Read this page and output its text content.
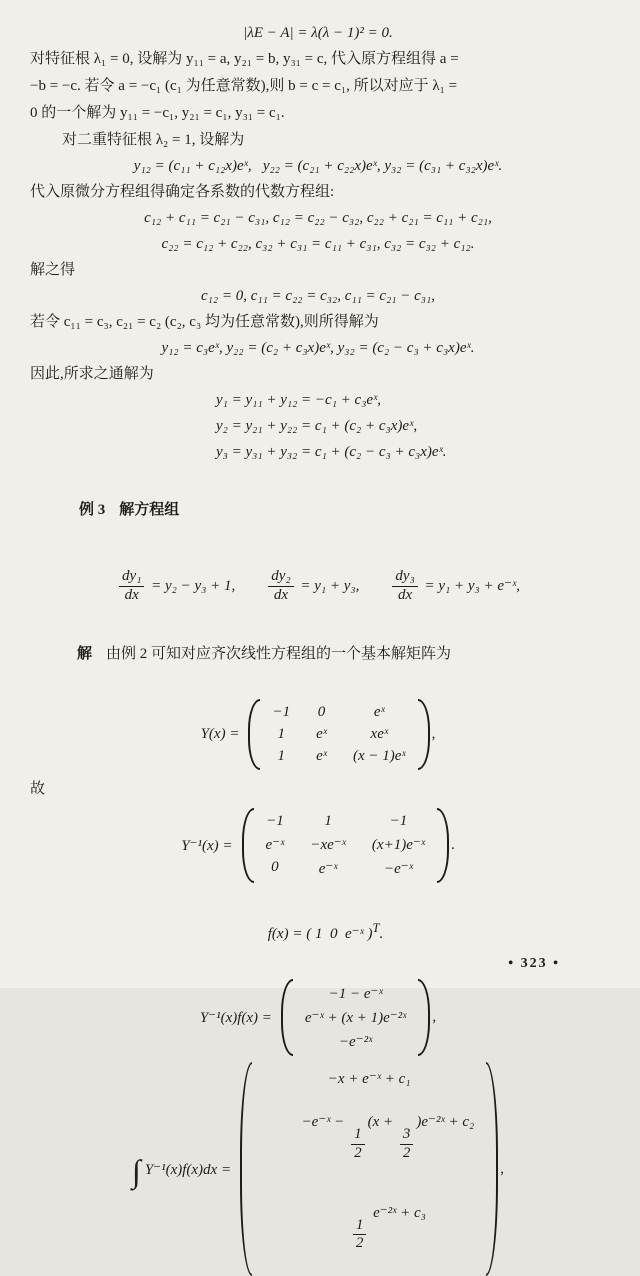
|λE − A| = λ(λ − 1)² = 0.
对特征根 λ₁ = 0, 设解为 y₁₁ = a, y₂₁ = b, y₃₁ = c, 代入原方程组得 a =
−b = −c. 若令 a = −c₁ (c₁ 为任意常数),则 b = c = c₁, 所以对应于 λ₁ =
0 的一个解为 y₁₁ = −c₁, y₂₁ = c₁, y₃₁ = c₁.
对二重特征根 λ₂ = 1, 设解为
y₁₂ = (c₁₁ + c₁₂x)eˣ,   y₂₂ = (c₂₁ + c₂₂x)eˣ, y₃₂ = (c₃₁ + c₃₂x)eˣ.
代入原微分方程组得确定各系数的代数方程组:
c₁₂ + c₁₁ = c₂₁ − c₃₁, c₁₂ = c₂₂ − c₃₂, c₂₂ + c₂₁ = c₁₁ + c₂₁,
c₂₂ = c₁₂ + c₂₂, c₃₂ + c₃₁ = c₁₁ + c₃₁, c₃₂ = c₃₂ + c₁₂.
解之得
c₁₂ = 0, c₁₁ = c₂₂ = c₃₂, c₁₁ = c₂₁ − c₃₁,
若令 c₁₁ = c₃, c₂₁ = c₂ (c₂, c₃ 均为任意常数),则所得解为
y₁₂ = c₃eˣ, y₂₂ = (c₂ + c₃x)eˣ, y₃₂ = (c₂ − c₃ + c₃x)eˣ.
因此,所求之通解为
y₁ = y₁₁ + y₁₂ = −c₁ + c₃eˣ,
y₂ = y₂₁ + y₂₂ = c₁ + (c₂ + c₃x)eˣ,
y₃ = y₃₁ + y₃₂ = c₁ + (c₂ − c₃ + c₃x)eˣ.

例 3 解方程组

$\frac{\text{dy₁}}{dx} = y_2 - y_3 + 1$, $\frac{\text{dy₂}}{dx} = y_1 + y_3$, $\frac{\text{dy₃}}{dx} = y_1 + y_3$ + e⁻ˣ,

解 由例 2 可知对应齐次线性方程组的一个基本解矩阵为

Y(x) =
−1 0	eˣ
1	eˣ	xeˣ
1	eˣ (x − 1)eˣ
,
故
Y⁻¹(x) =
−1	1	−1
e⁻ˣ −xe⁻ˣ (x+1)e⁻ˣ
0	e⁻ˣ	−e⁻ˣ
.

f(x) = ( 1  0  e⁻ˣ )$^T$.

Y⁻¹(x)f(x) =
−1 − e⁻ˣ
e⁻ˣ + (x + 1)e⁻²ˣ
−e⁻²ˣ
,
∫ Y⁻¹(x)f(x)dx =
−x + e⁻ˣ + c₁

−e⁻ˣ −
$\frac{1}{2}$
(x +
$\frac{3}{2}$
)e⁻²ˣ + c₂

$\frac{1}{2}$
e⁻²ˣ + c₃

,
• 323 •
